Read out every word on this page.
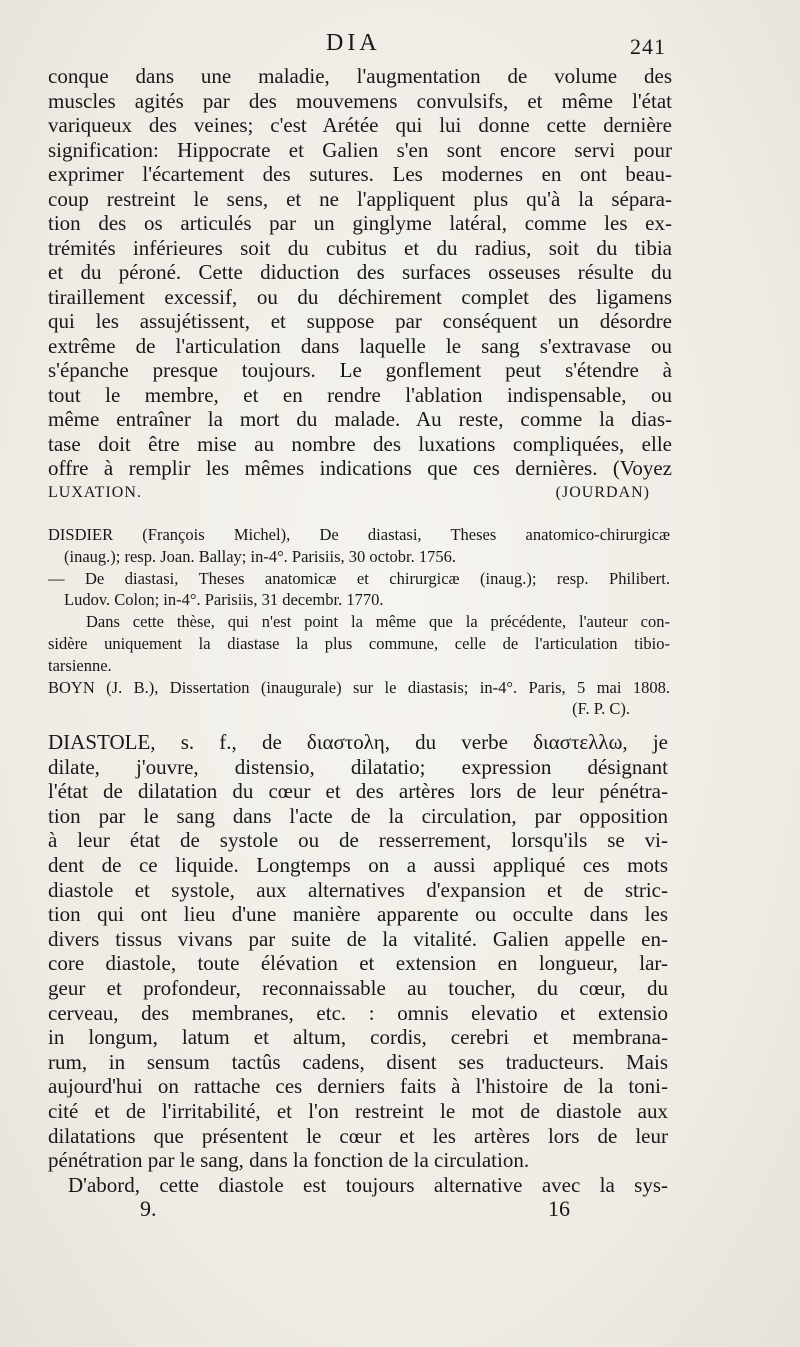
DIA	241
conque dans une maladie, l'augmentation de volume des
muscles agités par des mouvemens convulsifs, et même l'état
variqueux des veines; c'est Arétée qui lui donne cette dernière
signification: Hippocrate et Galien s'en sont encore servi pour
exprimer l'écartement des sutures. Les modernes en ont beau-
coup restreint le sens, et ne l'appliquent plus qu'à la sépara-
tion des os articulés par un ginglyme latéral, comme les ex-
trémités inférieures soit du cubitus et du radius, soit du tibia
et du péroné. Cette diduction des surfaces osseuses résulte du
tiraillement excessif, ou du déchirement complet des ligamens
qui les assujétissent, et suppose par conséquent un désordre
extrême de l'articulation dans laquelle le sang s'extravase ou
s'épanche presque toujours. Le gonflement peut s'étendre à
tout le membre, et en rendre l'ablation indispensable, ou
même entraîner la mort du malade. Au reste, comme la dias-
tase doit être mise au nombre des luxations compliquées, elle
offre à remplir les mêmes indications que ces dernières. (Voyez
LUXATION.	(JOURDAN)
DISDIER (François Michel), De diastasi, Theses anatomico-chirurgicæ
(inaug.); resp. Joan. Ballay; in-4°. Parisiis, 30 octobr. 1756.
— De diastasi, Theses anatomicæ et chirurgicæ (inaug.); resp. Philibert.
Ludov. Colon; in-4°. Parisiis, 31 decembr. 1770.
Dans cette thèse, qui n'est point la même que la précédente, l'auteur con-
sidère uniquement la diastase la plus commune, celle de l'articulation tibio-
tarsienne.
BOYN (J. B.), Dissertation (inaugurale) sur le diastasis; in-4°. Paris, 5 mai 1808.
(F. P. C).
DIASTOLE, s. f., de διαστολη, du verbe διαστελλω, je
dilate, j'ouvre, distensio, dilatatio; expression désignant
l'état de dilatation du cœur et des artères lors de leur pénétra-
tion par le sang dans l'acte de la circulation, par opposition
à leur état de systole ou de resserrement, lorsqu'ils se vi-
dent de ce liquide. Longtemps on a aussi appliqué ces mots
diastole et systole, aux alternatives d'expansion et de stric-
tion qui ont lieu d'une manière apparente ou occulte dans les
divers tissus vivans par suite de la vitalité. Galien appelle en-
core diastole, toute élévation et extension en longueur, lar-
geur et profondeur, reconnaissable au toucher, du cœur, du
cerveau, des membranes, etc. : omnis elevatio et extensio
in longum, latum et altum, cordis, cerebri et membrana-
rum, in sensum tactûs cadens, disent ses traducteurs. Mais
aujourd'hui on rattache ces derniers faits à l'histoire de la toni-
cité et de l'irritabilité, et l'on restreint le mot de diastole aux
dilatations que présentent le cœur et les artères lors de leur
pénétration par le sang, dans la fonction de la circulation.
D'abord, cette diastole est toujours alternative avec la sys-
9.	16
